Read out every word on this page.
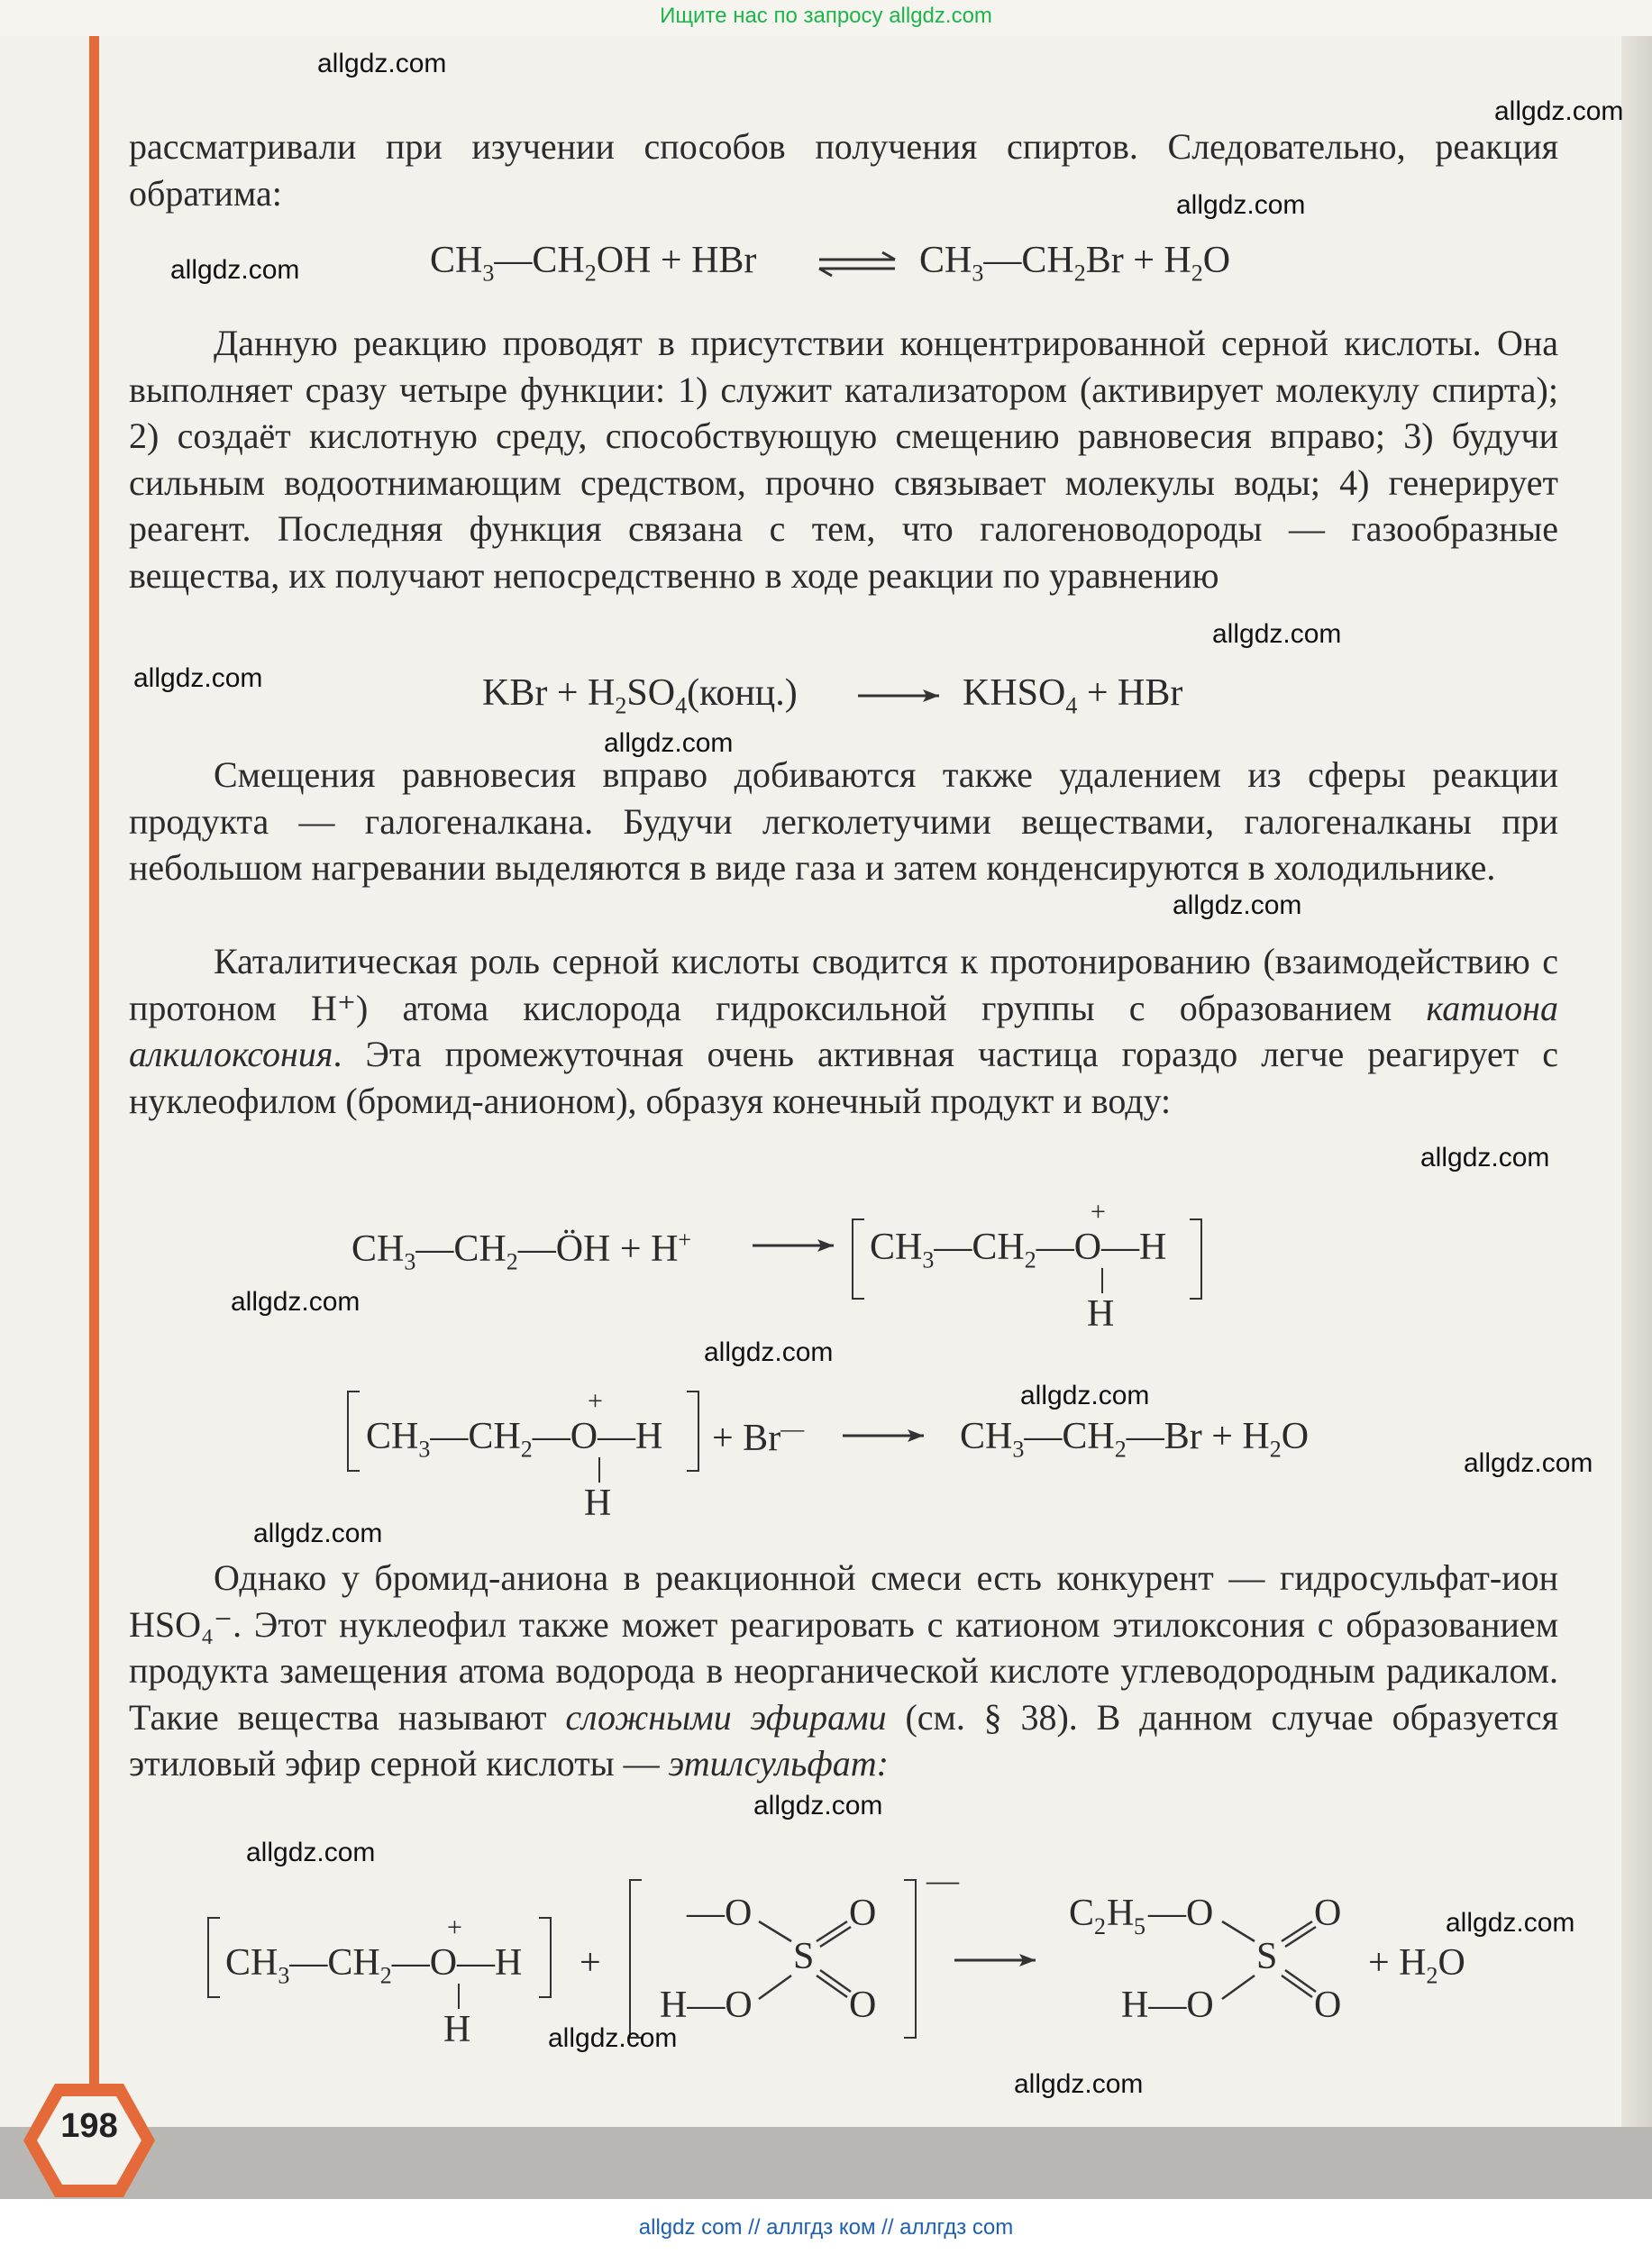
198
Ищите нас по запросу allgdz.com
allgdz com // аллгдз ком // аллгдз com
рассматривали при изучении способов получения спиртов. Следовательно, реакция обратима:
$CH_3—CH_2OH$ + HBr	$CH_3—CH_2Br + H_2O$
Данную реакцию проводят в присутствии концентрированной серной кислоты. Она выполняет сразу четыре функции: 1) служит катализатором (активирует молекулу спирта); 2) создаёт кислотную среду, способствующую смещению равновесия вправо; 3) будучи сильным водоотнимающим средством, прочно связывает молекулы воды; 4) генерирует реагент. Последняя функция связана с тем, что галогеноводороды — газообразные вещества, их получают непосредственно в ходе реакции по уравнению
KBr + $H_2SO_4(конц.)$	$KHSO_4$ + HBr
Смещения равновесия вправо добиваются также удалением из сферы реакции продукта — галогеналкана. Будучи легколетучими веществами, галогеналканы при небольшом нагревании выделяются в виде газа и затем конденсируются в холодильнике.
Каталитическая роль серной кислоты сводится к протонированию (взаимодействию с протоном H⁺) атома кислорода гидроксильной группы с образованием катиона алкилоксония. Эта промежуточная очень активная частица гораздо легче реагирует с нуклеофилом (бромид-анионом), образуя конечный продукт и воду:
$CH_3—CH_2—ÖH + H^+$	$CH_3—CH_2—O—H$
+
H
$CH_3—CH_2—O—H$
+
H
+ Br—	$CH_3—CH_2—Br + H_2O$
Однако у бромид-аниона в реакционной смеси есть конкурент — гидросульфат-ион HSO₄⁻. Этот нуклеофил также может реагировать с катионом этилоксония с образованием продукта замещения атома водорода в неорганической кислоте углеводородным радикалом. Такие вещества называют сложными эфирами (см. § 38). В данном случае образуется этиловый эфир серной кислоты — этилсульфат:
$CH_3—CH_2—O—H$
+
H
+
—O	O
S
H—O	O
—
C 2 H 5 —O	O
S
H—O	O
+ $H_2O$
allgdz.com
allgdz.com
allgdz.com
allgdz.com
allgdz.com
allgdz.com
allgdz.com
allgdz.com
allgdz.com
allgdz.com
allgdz.com
allgdz.com
allgdz.com
allgdz.com
allgdz.com
allgdz.com
allgdz.com
allgdz.com
allgdz.com
